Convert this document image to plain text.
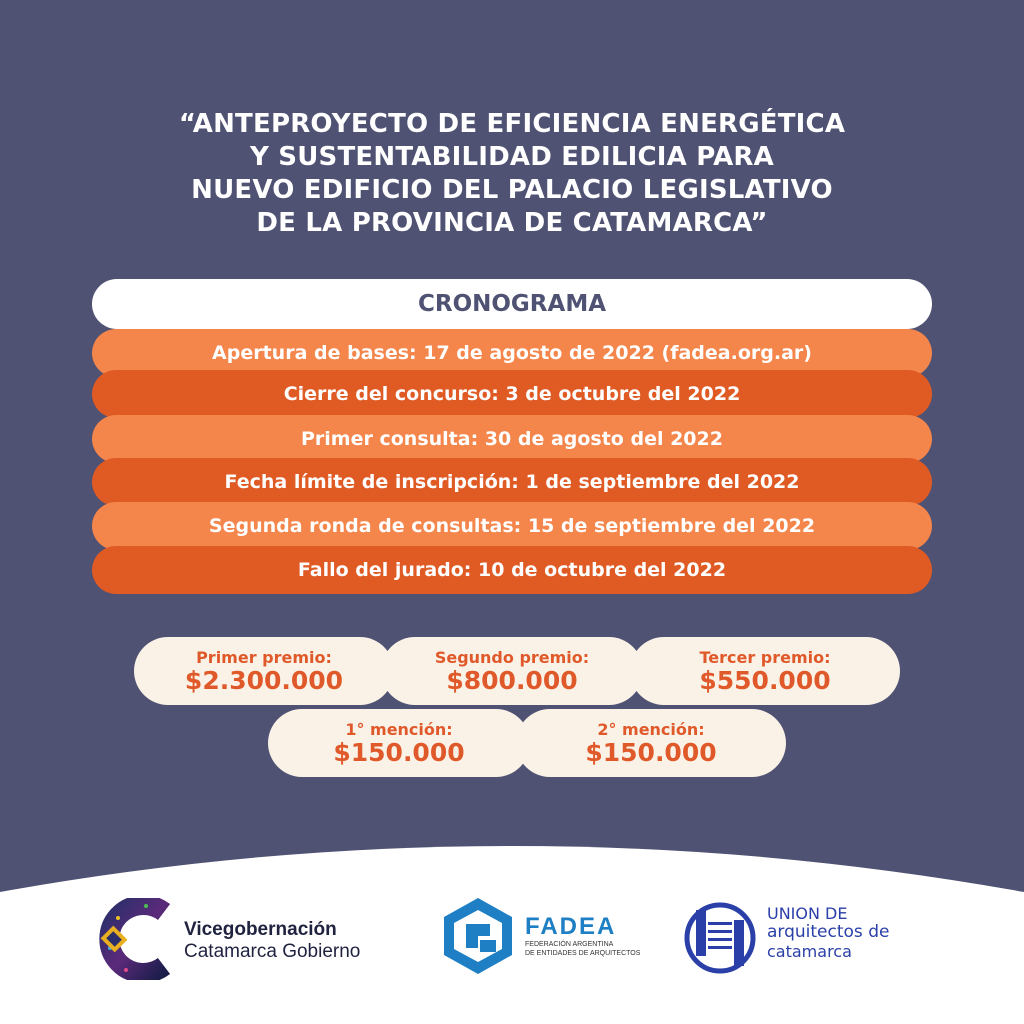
“ANTEPROYECTO DE EFICIENCIA ENERGÉTICA
Y SUSTENTABILIDAD EDILICIA PARA
NUEVO EDIFICIO DEL PALACIO LEGISLATIVO
DE LA PROVINCIA DE CATAMARCA”
CRONOGRAMA
Apertura de bases: 17 de agosto de 2022 (fadea.org.ar)
Cierre del concurso: 3 de octubre del 2022
Primer consulta: 30 de agosto del 2022
Fecha límite de inscripción: 1 de septiembre del 2022
Segunda ronda de consultas: 15 de septiembre del 2022
Fallo del jurado: 10 de octubre del 2022
Primer premio:
$2.300.000
Segundo premio:
$800.000
Tercer premio:
$550.000
1° mención:
$150.000
2° mención:
$150.000
Vicegobernación
Catamarca Gobierno
FADEA
FEDERACIÓN ARGENTINA
DE ENTIDADES DE ARQUITECTOS
UNION DE
arquitectos de
catamarca
